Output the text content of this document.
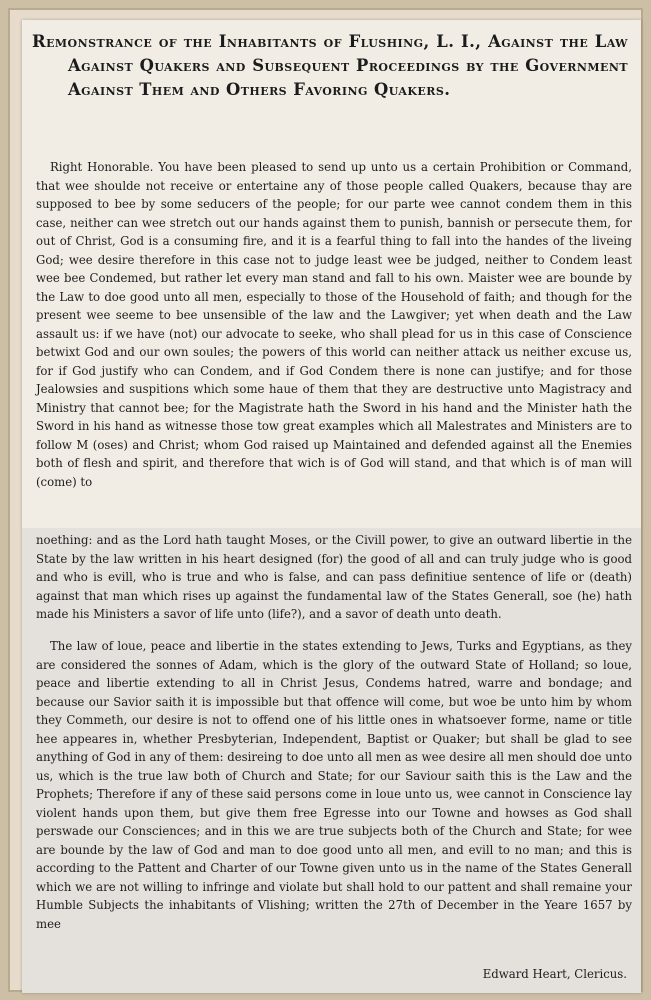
Remonstrance of the Inhabitants of Flushing, L. I., Against the Law Against Quakers and Subsequent Proceedings by the Government Against Them and Others Favoring Quakers.

Right Honorable. You have been pleased to send up unto us a certain Prohibition or Command, that wee shoulde not receive or entertaine any of those people called Quakers, because thay are supposed to bee by some seducers of the people; for our parte wee cannot condem them in this case, neither can wee stretch out our hands against them to punish, bannish or persecute them, for out of Christ, God is a consuming fire, and it is a fearful thing to fall into the handes of the liveing God; wee desire therefore in this case not to judge least wee be judged, neither to Condem least wee bee Condemed, but rather let every man stand and fall to his own. Maister wee are bounde by the Law to doe good unto all men, especially to those of the Household of faith; and though for the present wee seeme to bee unsensible of the law and the Lawgiver; yet when death and the Law assault us: if we have (not) our advocate to seeke, who shall plead for us in this case of Conscience betwixt God and our own soules; the powers of this world can neither attack us neither excuse us, for if God justify who can Condem, and if God Condem there is none can justifye; and for those Jealowsies and suspitions which some haue of them that they are destructive unto Magistracy and Ministry that cannot bee; for the Magistrate hath the Sword in his hand and the Minister hath the Sword in his hand as witnesse those tow great examples which all Malestrates and Ministers are to follow M (oses) and Christ; whom God raised up Maintained and defended against all the Enemies both of flesh and spirit, and therefore that wich is of God will stand, and that which is of man will (come) to

noething: and as the Lord hath taught Moses, or the Civill power, to give an outward libertie in the State by the law written in his heart designed (for) the good of all and can truly judge who is good and who is evill, who is true and who is false, and can pass definitiue sentence of life or (death) against that man which rises up against the fundamental law of the States Generall, soe (he) hath made his Ministers a savor of life unto (life?), and a savor of death unto death.

The law of loue, peace and libertie in the states extending to Jews, Turks and Egyptians, as they are considered the sonnes of Adam, which is the glory of the outward State of Holland; so loue, peace and libertie extending to all in Christ Jesus, Condems hatred, warre and bondage; and because our Savior saith it is impossible but that offence will come, but woe be unto him by whom they Commeth, our desire is not to offend one of his little ones in whatsoever forme, name or title hee appeares in, whether Presbyterian, Independent, Baptist or Quaker; but shall be glad to see anything of God in any of them: desireing to doe unto all men as wee desire all men should doe unto us, which is the true law both of Church and State; for our Saviour saith this is the Law and the Prophets; Therefore if any of these said persons come in loue unto us, wee cannot in Conscience lay violent hands upon them, but give them free Egresse into our Towne and howses as God shall perswade our Consciences; and in this we are true subjects both of the Church and State; for wee are bounde by the law of God and man to doe good unto all men, and evill to no man; and this is according to the Pattent and Charter of our Towne given unto us in the name of the States Generall which we are not willing to infringe and violate but shall hold to our pattent and shall remaine your Humble Subjects the inhabitants of Vlishing; written the 27th of December in the Yeare 1657 by mee

Edward Heart, Clericus.
